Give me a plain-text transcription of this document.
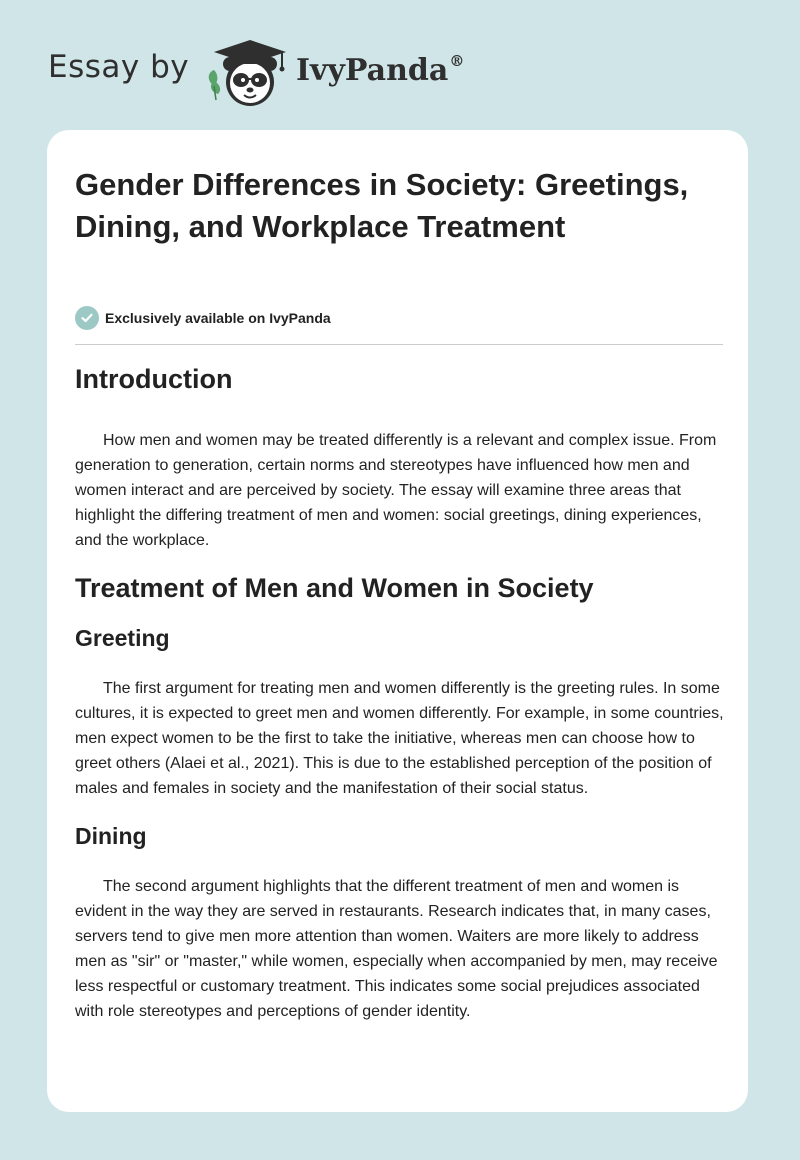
Essay by	IvyPanda®
Gender Differences in Society: Greetings, Dining, and Workplace Treatment
Exclusively available on IvyPanda
Introduction

How men and women may be treated differently is a relevant and complex issue. From generation to generation, certain norms and stereotypes have influenced how men and women interact and are perceived by society. The essay will examine three areas that highlight the differing treatment of men and women: social greetings, dining experiences, and the workplace.

Treatment of Men and Women in Society
Greeting

The first argument for treating men and women differently is the greeting rules. In some cultures, it is expected to greet men and women differently. For example, in some countries, men expect women to be the first to take the initiative, whereas men can choose how to greet others (Alaei et al., 2021). This is due to the established perception of the position of males and females in society and the manifestation of their social status.

Dining

The second argument highlights that the different treatment of men and women is evident in the way they are served in restaurants. Research indicates that, in many cases, servers tend to give men more attention than women. Waiters are more likely to address men as "sir" or "master," while women, especially when accompanied by men, may receive less respectful or customary treatment. This indicates some social prejudices associated with role stereotypes and perceptions of gender identity.
